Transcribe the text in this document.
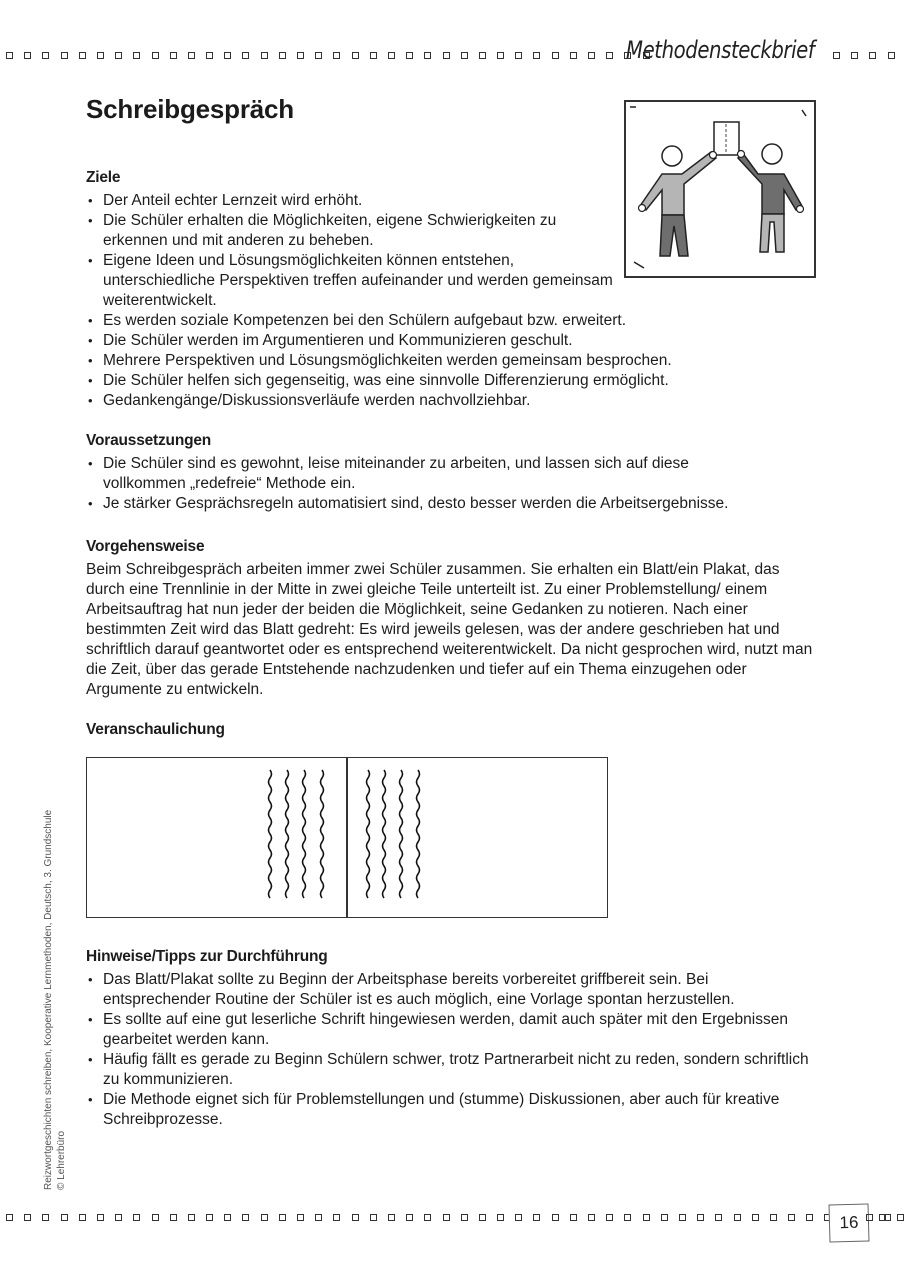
Methodensteckbrief
Schreibgespräch
Ziele
• Der Anteil echter Lernzeit wird erhöht.
• Die Schüler erhalten die Möglichkeiten, eigene Schwierigkeiten zu erkennen und mit anderen zu beheben.
• Eigene Ideen und Lösungsmöglichkeiten können entstehen, unterschiedliche Perspektiven treffen aufeinander und werden gemeinsam weiterentwickelt.
• Es werden soziale Kompetenzen bei den Schülern aufgebaut bzw. erweitert.
• Die Schüler werden im Argumentieren und Kommunizieren geschult.
• Mehrere Perspektiven und Lösungsmöglichkeiten werden gemeinsam besprochen.
• Die Schüler helfen sich gegenseitig, was eine sinnvolle Differenzierung ermöglicht.
• Gedankengänge/Diskussionsverläufe werden nachvollziehbar.
Voraussetzungen
• Die Schüler sind es gewohnt, leise miteinander zu arbeiten, und lassen sich auf diese vollkommen „redefreie“ Methode ein.
• Je stärker Gesprächsregeln automatisiert sind, desto besser werden die Arbeitsergebnisse.
Vorgehensweise

Beim Schreibgespräch arbeiten immer zwei Schüler zusammen. Sie erhalten ein Blatt/ein Plakat, das durch eine Trennlinie in der Mitte in zwei gleiche Teile unterteilt ist. Zu einer Problemstellung/ einem Arbeitsauftrag hat nun jeder der beiden die Möglichkeit, seine Gedanken zu notieren. Nach einer bestimmten Zeit wird das Blatt gedreht: Es wird jeweils gelesen, was der andere geschrieben hat und schriftlich darauf geantwortet oder es entsprechend weiterentwickelt. Da nicht gesprochen wird, nutzt man die Zeit, über das gerade Entstehende nachzudenken und tiefer auf ein Thema einzugehen oder Argumente zu entwickeln.

Veranschaulichung
Hinweise/Tipps zur Durchführung
• Das Blatt/Plakat sollte zu Beginn der Arbeitsphase bereits vorbereitet griffbereit sein. Bei entsprechender Routine der Schüler ist es auch möglich, eine Vorlage spontan herzustellen.
• Es sollte auf eine gut leserliche Schrift hingewiesen werden, damit auch später mit den Ergebnissen gearbeitet werden kann.
• Häufig fällt es gerade zu Beginn Schülern schwer, trotz Partnerarbeit nicht zu reden, sondern schriftlich zu kommunizieren.
• Die Methode eignet sich für Problemstellungen und (stumme) Diskussionen, aber auch für kreative Schreibprozesse.
Reizwortgeschichten schreiben, Kooperative Lernmethoden, Deutsch, 3. Grundschule © Lehrerbüro
16
